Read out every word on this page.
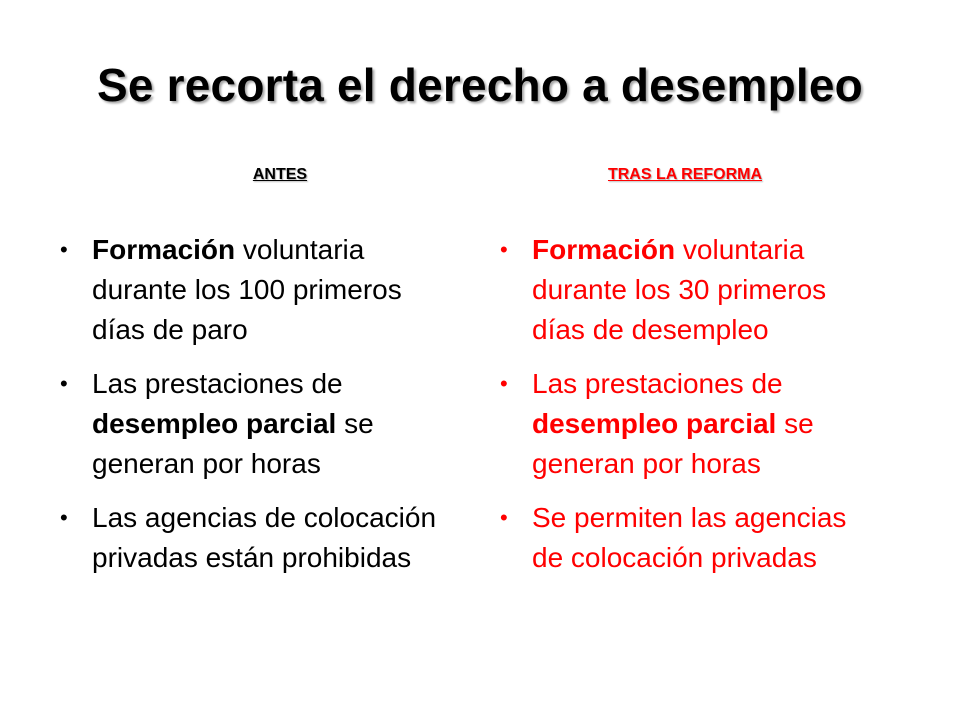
Se recorta el derecho a desempleo
ANTES	TRAS LA REFORMA
• Formación voluntaria durante los 100 primeros días de paro
• Las prestaciones de desempleo parcial se generan por horas
• Las agencias de colocación privadas están prohibidas
• Formación voluntaria durante los 30 primeros días de desempleo
• Las prestaciones de desempleo parcial se generan por horas
• Se permiten las agencias de colocación privadas
